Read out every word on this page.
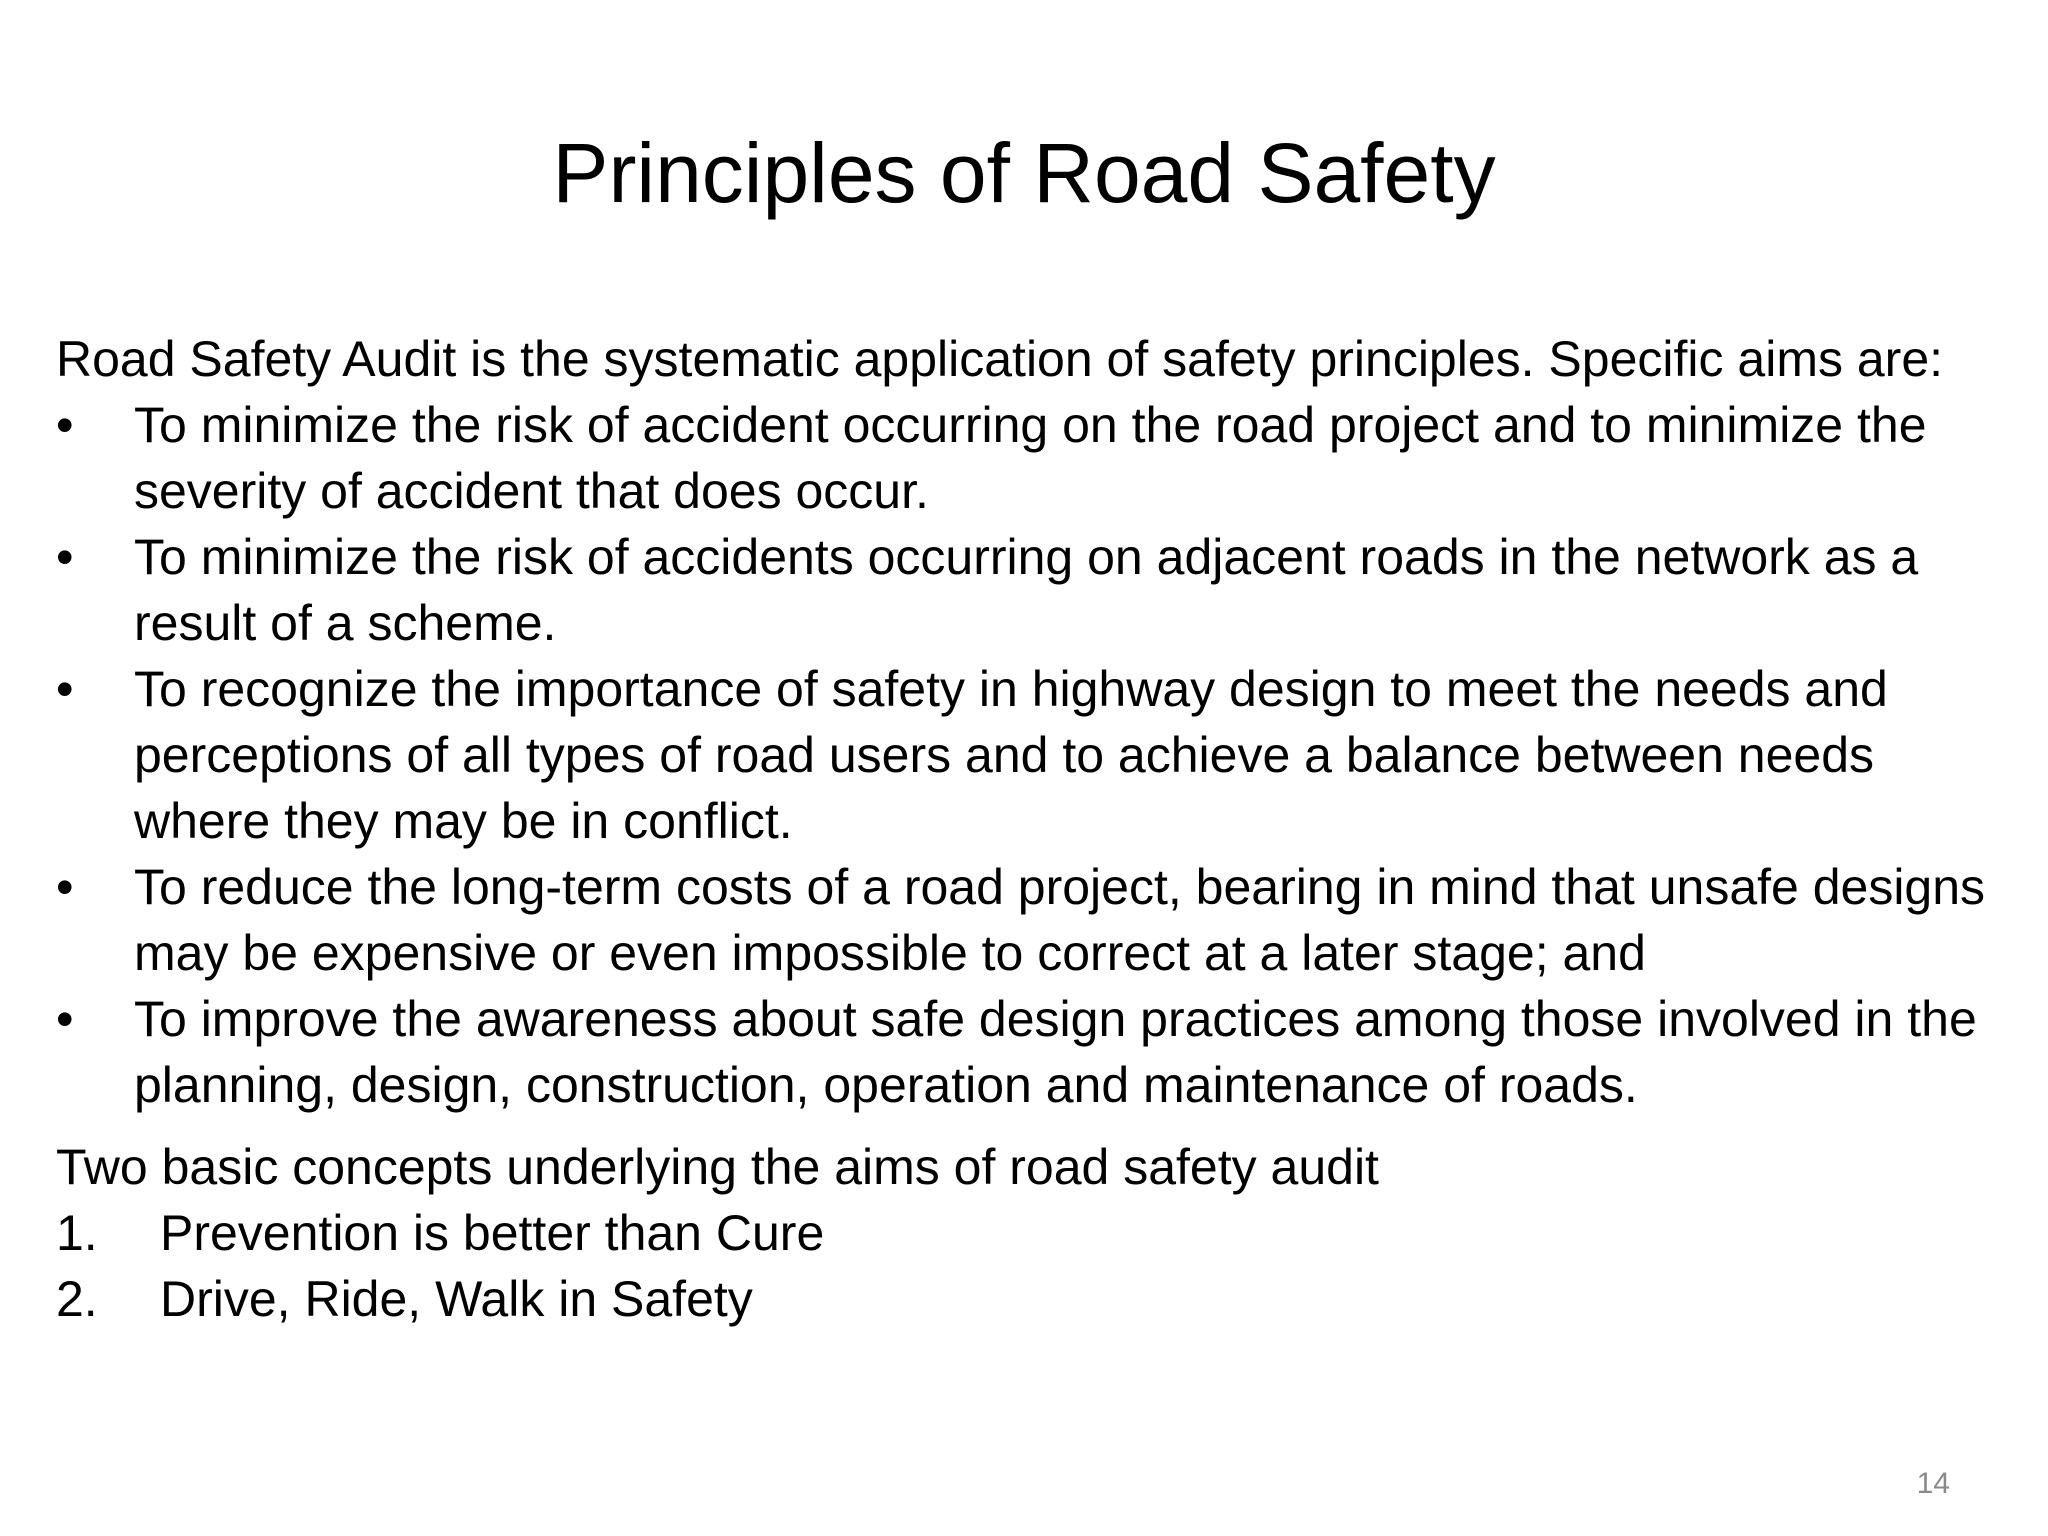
Principles of Road Safety

Road Safety Audit is the systematic application of safety principles. Specific aims are:

•	To minimize the risk of accident occurring on the road project and to minimize the severity of accident that does occur.
•	To minimize the risk of accidents occurring on adjacent roads in the network as a result of a scheme.
•	To recognize the importance of safety in highway design to meet the needs and perceptions of all types of road users and to achieve a balance between needs where they may be in conflict.
•	To reduce the long-term costs of a road project, bearing in mind that unsafe designs may be expensive or even impossible to correct at a later stage; and
•	To improve the awareness about safe design practices among those involved in the planning, design, construction, operation and maintenance of roads.

Two basic concepts underlying the aims of road safety audit

1. Prevention is better than Cure
2. Drive, Ride, Walk in Safety
14
